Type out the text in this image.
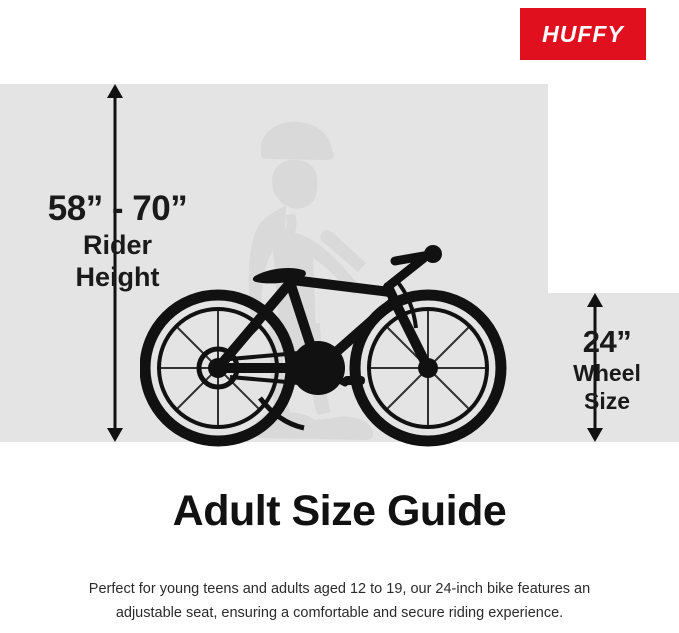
HUFFY
58” - 70”
Rider
Height
24”
Wheel
Size
Adult Size Guide
Perfect for young teens and adults aged 12 to 19, our 24-inch bike features an adjustable seat, ensuring a comfortable and secure riding experience.
